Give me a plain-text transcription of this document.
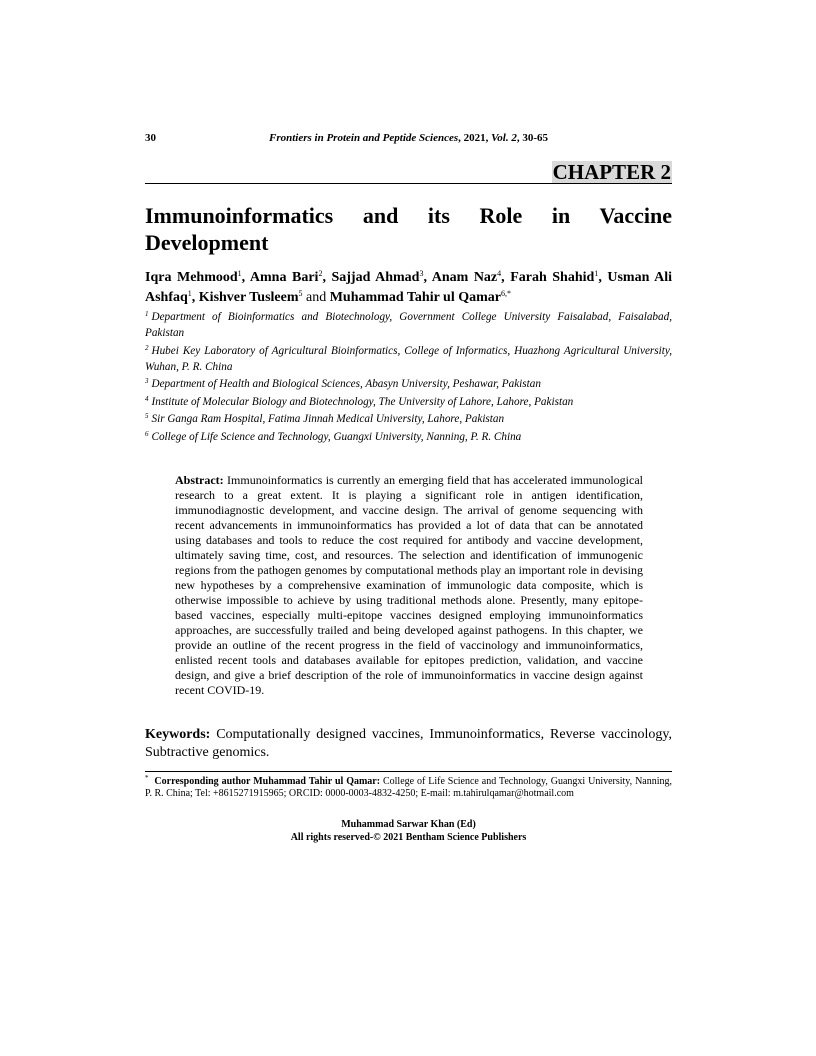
30	Frontiers in Protein and Peptide Sciences, 2021, Vol. 2, 30-65
CHAPTER 2
Immunoinformatics and its Role in Vaccine Development
Iqra Mehmood$^1$, Amna Bari$^2$, Sajjad Ahmad$^3$, Anam Naz$^4$, Farah Shahid$^1$, Usman Ali Ashfaq$^1$, Kishver Tusleem$^5$ and Muhammad Tahir ul Qamar$^{6,*}$
$^1$ Department of Bioinformatics and Biotechnology, Government College University Faisalabad, Faisalabad, Pakistan
$^2$ Hubei Key Laboratory of Agricultural Bioinformatics, College of Informatics, Huazhong Agricultural University, Wuhan, P. R. China
$^3$ Department of Health and Biological Sciences, Abasyn University, Peshawar, Pakistan
$^4$ Institute of Molecular Biology and Biotechnology, The University of Lahore, Lahore, Pakistan
$^5$ Sir Ganga Ram Hospital, Fatima Jinnah Medical University, Lahore, Pakistan
$^6$ College of Life Science and Technology, Guangxi University, Nanning, P. R. China
Abstract: Immunoinformatics is currently an emerging field that has accelerated immunological research to a great extent. It is playing a significant role in antigen identification, immunodiagnostic development, and vaccine design. The arrival of genome sequencing with recent advancements in immunoinformatics has provided a lot of data that can be annotated using databases and tools to reduce the cost required for antibody and vaccine development, ultimately saving time, cost, and resources. The selection and identification of immunogenic regions from the pathogen genomes by computational methods play an important role in devising new hypotheses by a comprehensive examination of immunologic data composite, which is otherwise impossible to achieve by using traditional methods alone. Presently, many epitope-based vaccines, especially multi-epitope vaccines designed employing immunoinformatics approaches, are successfully trailed and being developed against pathogens. In this chapter, we provide an outline of the recent progress in the field of vaccinology and immunoinformatics, enlisted recent tools and databases available for epitopes prediction, validation, and vaccine design, and give a brief description of the role of immunoinformatics in vaccine design against recent COVID-19.
Keywords: Computationally designed vaccines, Immunoinformatics, Reverse vaccinology, Subtractive genomics.
* Corresponding author Muhammad Tahir ul Qamar: College of Life Science and Technology, Guangxi University, Nanning, P. R. China; Tel: +8615271915965; ORCID: 0000-0003-4832-4250; E-mail: m.tahirulqamar@hotmail.com
Muhammad Sarwar Khan (Ed)
All rights reserved-© 2021 Bentham Science Publishers
